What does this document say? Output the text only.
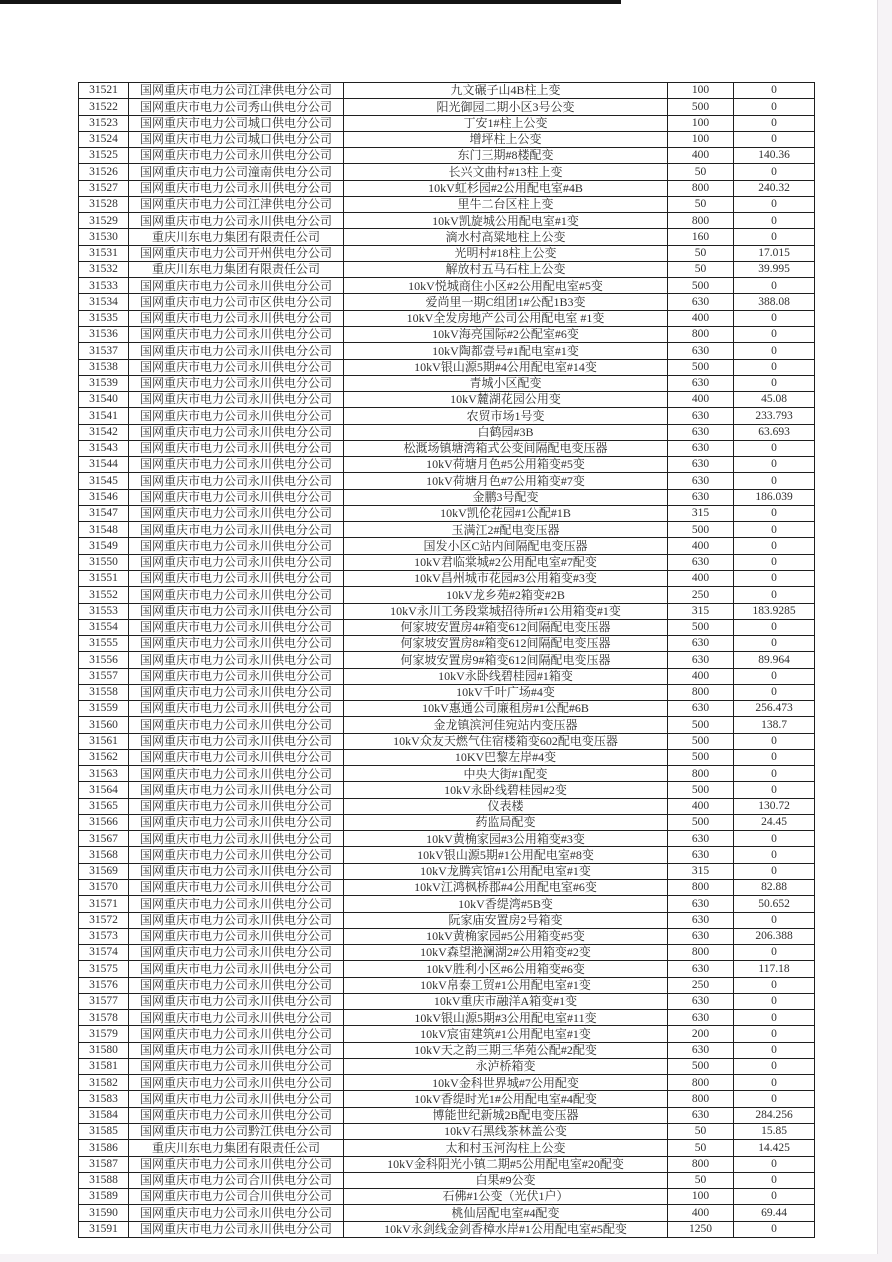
31521	国网重庆市电力公司江津供电分公司	九文碾子山4B柱上变	100	0
31522	国网重庆市电力公司秀山供电分公司	阳光御园二期小区3号公变	500	0
31523	国网重庆市电力公司城口供电分公司	丁安1#柱上公变	100	0
31524	国网重庆市电力公司城口供电分公司	增坪柱上公变	100	0
31525	国网重庆市电力公司永川供电分公司	东门三期#8楼配变	400	140.36
31526	国网重庆市电力公司潼南供电分公司	长兴文曲村#13柱上变	50	0
31527	国网重庆市电力公司永川供电分公司	10kV虹杉园#2公用配电室#4B	800	240.32
31528	国网重庆市电力公司江津供电分公司	里牛二台区柱上变	50	0
31529	国网重庆市电力公司永川供电分公司	10kV凯旋城公用配电室#1变	800	0
31530	重庆川东电力集团有限责任公司	滴水村高粱地柱上公变	160	0
31531	国网重庆市电力公司开州供电分公司	光明村#18柱上公变	50	17.015
31532	重庆川东电力集团有限责任公司	解放村五马石柱上公变	50	39.995
31533	国网重庆市电力公司永川供电分公司	10kV悦城商住小区#2公用配电室#5变	500	0
31534	国网重庆市电力公司市区供电分公司	爱尚里一期C组团1#公配1B3变	630	388.08
31535	国网重庆市电力公司永川供电分公司	10kV全发房地产公司公用配电室 #1变	400	0
31536	国网重庆市电力公司永川供电分公司	10kV海亮国际#2公配室#6变	800	0
31537	国网重庆市电力公司永川供电分公司	10kV陶都壹号#1配电室#1变	630	0
31538	国网重庆市电力公司永川供电分公司	10kV银山源5期#4公用配电室#14变	500	0
31539	国网重庆市电力公司永川供电分公司	青城小区配变	630	0
31540	国网重庆市电力公司永川供电分公司	10kV麓湖花园公用变	400	45.08
31541	国网重庆市电力公司永川供电分公司	农贸市场1号变	630	233.793
31542	国网重庆市电力公司永川供电分公司	白鹤园#3B	630	63.693
31543	国网重庆市电力公司永川供电分公司	松溉场镇塘湾箱式公变间隔配电变压器	630	0
31544	国网重庆市电力公司永川供电分公司	10kV荷塘月色#5公用箱变#5变	630	0
31545	国网重庆市电力公司永川供电分公司	10kV荷塘月色#7公用箱变#7变	630	0
31546	国网重庆市电力公司永川供电分公司	金鹏3号配变	630	186.039
31547	国网重庆市电力公司永川供电分公司	10kV凯伦花园#1公配#1B	315	0
31548	国网重庆市电力公司永川供电分公司	玉满江2#配电变压器	500	0
31549	国网重庆市电力公司永川供电分公司	国发小区C站内间隔配电变压器	400	0
31550	国网重庆市电力公司永川供电分公司	10kV君临棠城#2公用配电室#7配变	630	0
31551	国网重庆市电力公司永川供电分公司	10kV昌州城市花园#3公用箱变#3变	400	0
31552	国网重庆市电力公司永川供电分公司	10kV龙乡苑#2箱变#2B	250	0
31553	国网重庆市电力公司永川供电分公司	10kV永川工务段棠城招待所#1公用箱变#1变	315	183.9285
31554	国网重庆市电力公司永川供电分公司	何家坡安置房4#箱变612间隔配电变压器	500	0
31555	国网重庆市电力公司永川供电分公司	何家坡安置房8#箱变612间隔配电变压器	630	0
31556	国网重庆市电力公司永川供电分公司	何家坡安置房9#箱变612间隔配电变压器	630	89.964
31557	国网重庆市电力公司永川供电分公司	10kV永卧线碧桂园#1箱变	400	0
31558	国网重庆市电力公司永川供电分公司	10kV千叶广场#4变	800	0
31559	国网重庆市电力公司永川供电分公司	10kV惠通公司廉租房#1公配#6B	630	256.473
31560	国网重庆市电力公司永川供电分公司	金龙镇滨河佳宛站内变压器	500	138.7
31561	国网重庆市电力公司永川供电分公司	10kV众友天燃气住宿楼箱变602配电变压器	500	0
31562	国网重庆市电力公司永川供电分公司	10KV巴黎左岸#4变	500	0
31563	国网重庆市电力公司永川供电分公司	中央大街#1配变	800	0
31564	国网重庆市电力公司永川供电分公司	10kV永卧线碧桂园#2变	500	0
31565	国网重庆市电力公司永川供电分公司	仪表楼	400	130.72
31566	国网重庆市电力公司永川供电分公司	药监局配变	500	24.45
31567	国网重庆市电力公司永川供电分公司	10kV黄桷家园#3公用箱变#3变	630	0
31568	国网重庆市电力公司永川供电分公司	10kV银山源5期#1公用配电室#8变	630	0
31569	国网重庆市电力公司永川供电分公司	10kV龙腾宾馆#1公用配电室#1变	315	0
31570	国网重庆市电力公司永川供电分公司	10kV江鸿枫桥郡#4公用配电室#6变	800	82.88
31571	国网重庆市电力公司永川供电分公司	10kV香缇湾#5B变	630	50.652
31572	国网重庆市电力公司永川供电分公司	阮家庙安置房2号箱变	630	0
31573	国网重庆市电力公司永川供电分公司	10kV黄桷家园#5公用箱变#5变	630	206.388
31574	国网重庆市电力公司永川供电分公司	10kV森望滟澜湖2#公用箱变#2变	800	0
31575	国网重庆市电力公司永川供电分公司	10kV胜利小区#6公用箱变#6变	630	117.18
31576	国网重庆市电力公司永川供电分公司	10kV帛泰工贸#1公用配电室#1变	250	0
31577	国网重庆市电力公司永川供电分公司	10kV重庆市融洋A箱变#1变	630	0
31578	国网重庆市电力公司永川供电分公司	10kV银山源5期#3公用配电室#11变	630	0
31579	国网重庆市电力公司永川供电分公司	10kV宸宙建筑#1公用配电室#1变	200	0
31580	国网重庆市电力公司永川供电分公司	10kV天之韵三期三华苑公配#2配变	630	0
31581	国网重庆市电力公司永川供电分公司	永泸桥箱变	500	0
31582	国网重庆市电力公司永川供电分公司	10kV金科世界城#7公用配变	800	0
31583	国网重庆市电力公司永川供电分公司	10kV香缇时光1#公用配电室#4配变	800	0
31584	国网重庆市电力公司永川供电分公司	博能世纪新城2B配电变压器	630	284.256
31585	国网重庆市电力公司黔江供电分公司	10kV石黑线茶林盖公变	50	15.85
31586	重庆川东电力集团有限责任公司	太和村玉河沟柱上公变	50	14.425
31587	国网重庆市电力公司永川供电分公司	10kV金科阳光小镇二期#5公用配电室#20配变	800	0
31588	国网重庆市电力公司合川供电分公司	白果#9公变	50	0
31589	国网重庆市电力公司合川供电分公司	石佛#1公变（光伏1户）	100	0
31590	国网重庆市电力公司永川供电分公司	桃仙居配电室#4配变	400	69.44
31591	国网重庆市电力公司永川供电分公司	10kV永剑线金剑香樟水岸#1公用配电室#5配变	1250	0
